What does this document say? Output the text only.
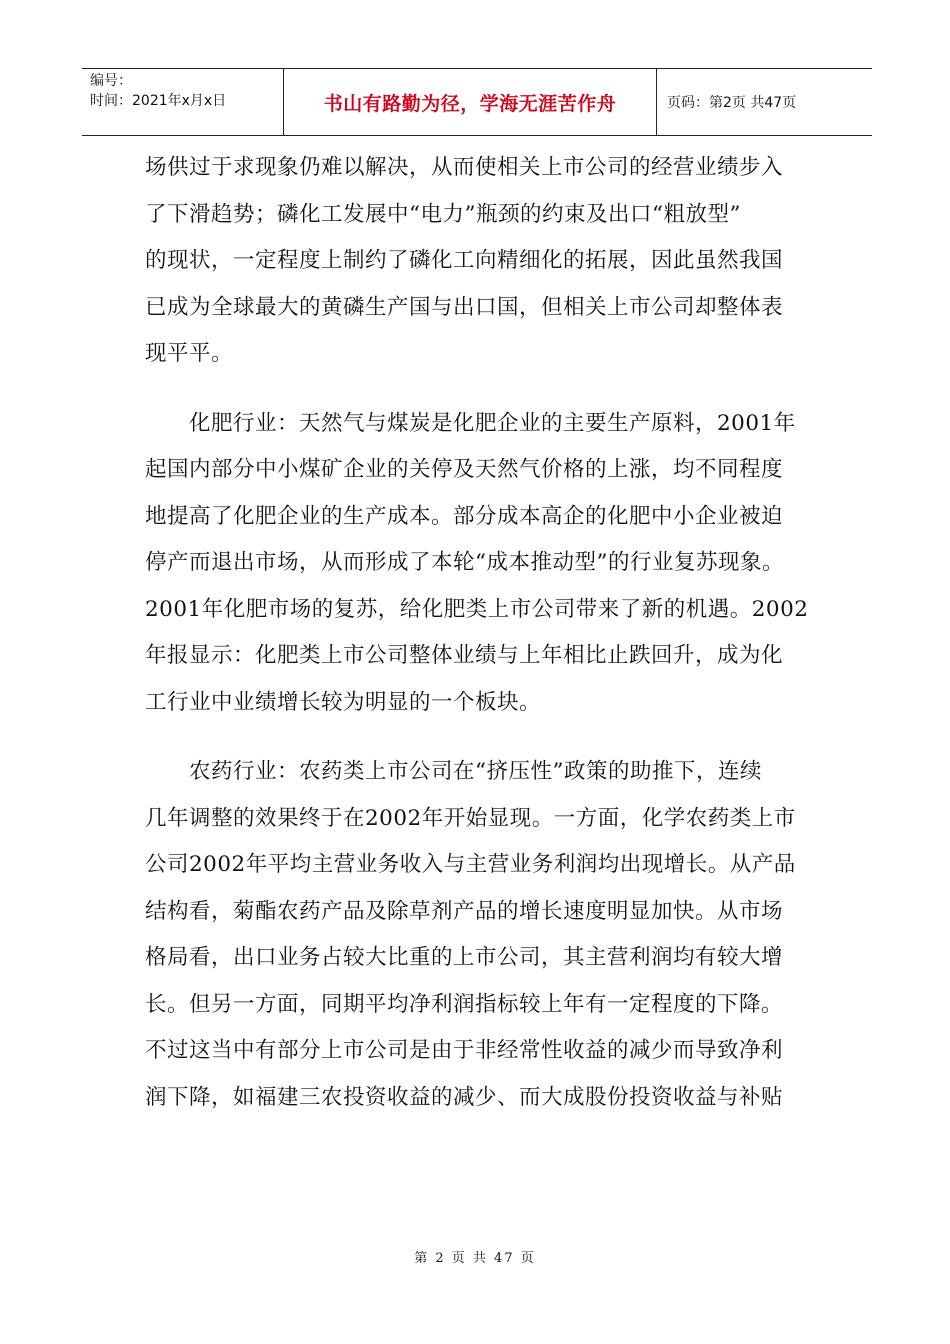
编号：
时间：2021年x月x日	书山有路勤为径，学海无涯苦作舟	页码：第2页 共47页

场供过于求现象仍难以解决，从而使相关上市公司的经营业绩步入
了下滑趋势；磷化工发展中“电力”瓶颈的约束及出口“粗放型”
的现状，一定程度上制约了磷化工向精细化的拓展，因此虽然我国
已成为全球最大的黄磷生产国与出口国，但相关上市公司却整体表
现平平。

化肥行业：天然气与煤炭是化肥企业的主要生产原料，2001年
起国内部分中小煤矿企业的关停及天然气价格的上涨，均不同程度
地提高了化肥企业的生产成本。部分成本高企的化肥中小企业被迫
停产而退出市场，从而形成了本轮“成本推动型”的行业复苏现象。
2001年化肥市场的复苏，给化肥类上市公司带来了新的机遇。2002
年报显示：化肥类上市公司整体业绩与上年相比止跌回升，成为化
工行业中业绩增长较为明显的一个板块。

农药行业：农药类上市公司在“挤压性”政策的助推下，连续
几年调整的效果终于在2002年开始显现。一方面，化学农药类上市
公司2002年平均主营业务收入与主营业务利润均出现增长。从产品
结构看，菊酯农药产品及除草剂产品的增长速度明显加快。从市场
格局看，出口业务占较大比重的上市公司，其主营利润均有较大增
长。但另一方面，同期平均净利润指标较上年有一定程度的下降。
不过这当中有部分上市公司是由于非经常性收益的减少而导致净利
润下降，如福建三农投资收益的减少、而大成股份投资收益与补贴

第 2 页 共 47 页
